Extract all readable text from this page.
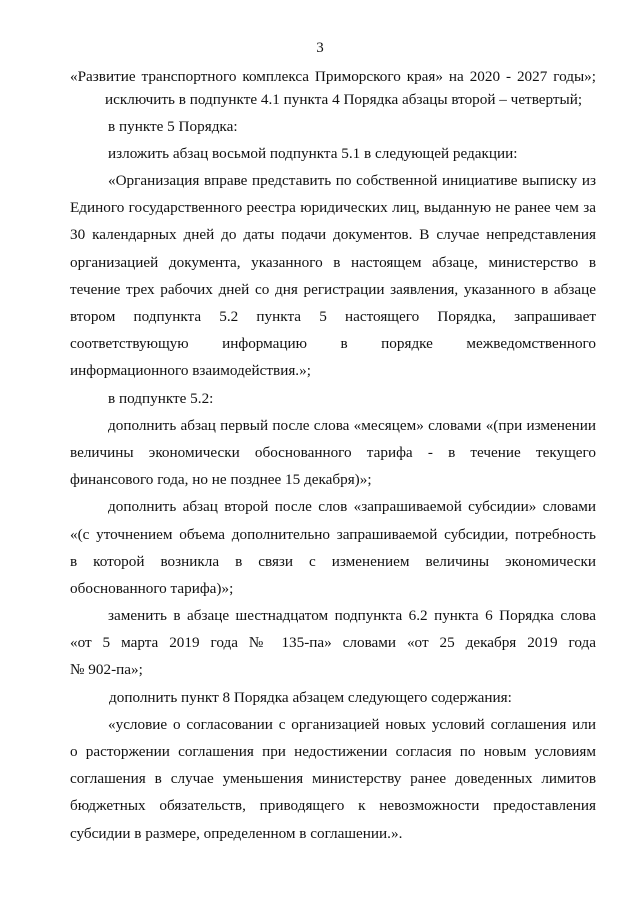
3
«Развитие транспортного комплекса Приморского края» на 2020 - 2027 годы»;
исключить в подпункте 4.1 пункта 4 Порядка абзацы второй – четвертый;
в пункте 5 Порядка:
изложить абзац восьмой подпункта 5.1 в следующей редакции:
«Организация вправе представить по собственной инициативе выписку из
Единого государственного реестра юридических лиц, выданную не ранее чем за
30 календарных дней до даты подачи документов. В случае непредставления
организацией документа, указанного в настоящем абзаце, министерство в
течение трех рабочих дней со дня регистрации заявления, указанного в абзаце
втором подпункта 5.2 пункта 5 настоящего Порядка, запрашивает
соответствующую информацию в порядке межведомственного
информационного взаимодействия.»;
в подпункте 5.2:
дополнить абзац первый после слова «месяцем» словами «(при изменении
величины экономически обоснованного тарифа - в течение текущего
финансового года, но не позднее 15 декабря)»;
дополнить абзац второй после слов «запрашиваемой субсидии» словами
«(с уточнением объема дополнительно запрашиваемой субсидии, потребность
в которой возникла в связи с изменением величины экономически
обоснованного тарифа)»;
заменить в абзаце шестнадцатом подпункта 6.2 пункта 6 Порядка слова
«от 5 марта 2019 года № 135-па» словами «от 25 декабря 2019 года
№ 902-па»;
дополнить пункт 8 Порядка абзацем следующего содержания:
«условие о согласовании с организацией новых условий соглашения или
о расторжении соглашения при недостижении согласия по новым условиям
соглашения в случае уменьшения министерству ранее доведенных лимитов
бюджетных обязательств, приводящего к невозможности предоставления
субсидии в размере, определенном в соглашении.».
